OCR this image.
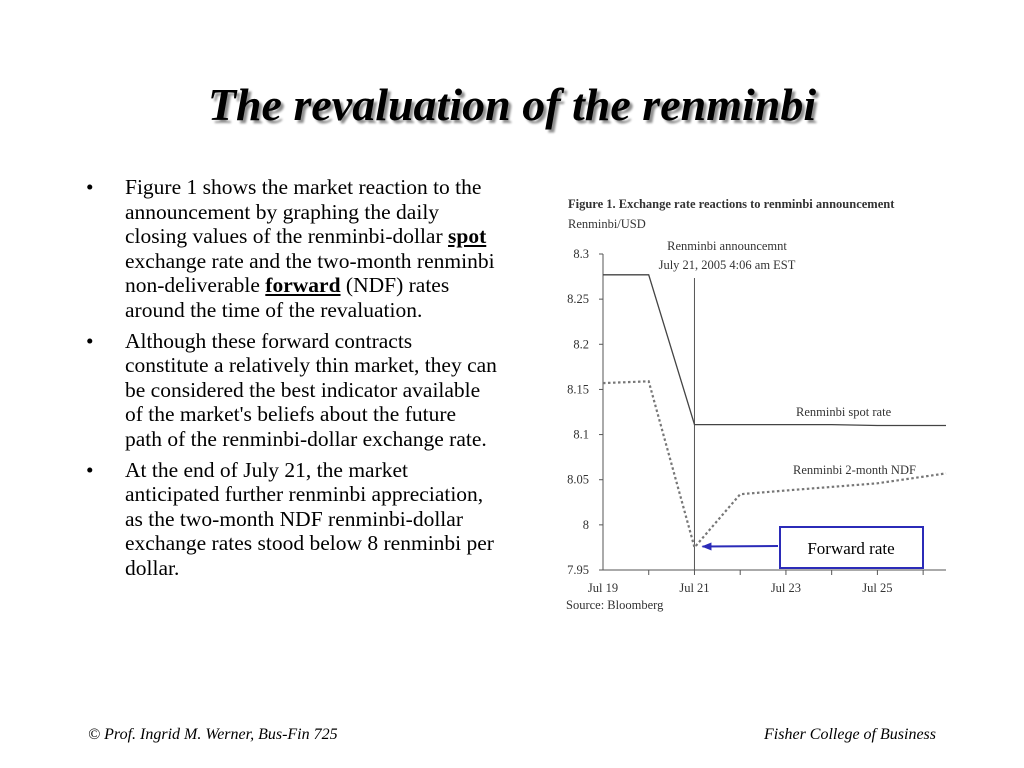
The revaluation of the renminbi
• Figure 1 shows the market reaction to the announcement by graphing the daily closing values of the renminbi-dollar spot exchange rate and the two-month renminbi non-deliverable forward (NDF) rates around the time of the revaluation.
• Although these forward contracts constitute a relatively thin market, they can be considered the best indicator available of the market's beliefs about the future path of the renminbi-dollar exchange rate.
• At the end of July 21, the market anticipated further renminbi appreciation, as the two-month NDF renminbi-dollar exchange rates stood below 8 renminbi per dollar.
Figure 1. Exchange rate reactions to renminbi announcement
Renminbi/USD
8.3
8.25
8.2
8.15
8.1
8.05
8
7.95
Jul 19	Jul 21	Jul 23	Jul 25
Renminbi announcemnt
July 21, 2005 4:06 am EST
Renminbi spot rate
Renminbi 2-month NDF
Source: Bloomberg
Forward rate
© Prof. Ingrid M. Werner, Bus-Fin 725	Fisher College of Business
